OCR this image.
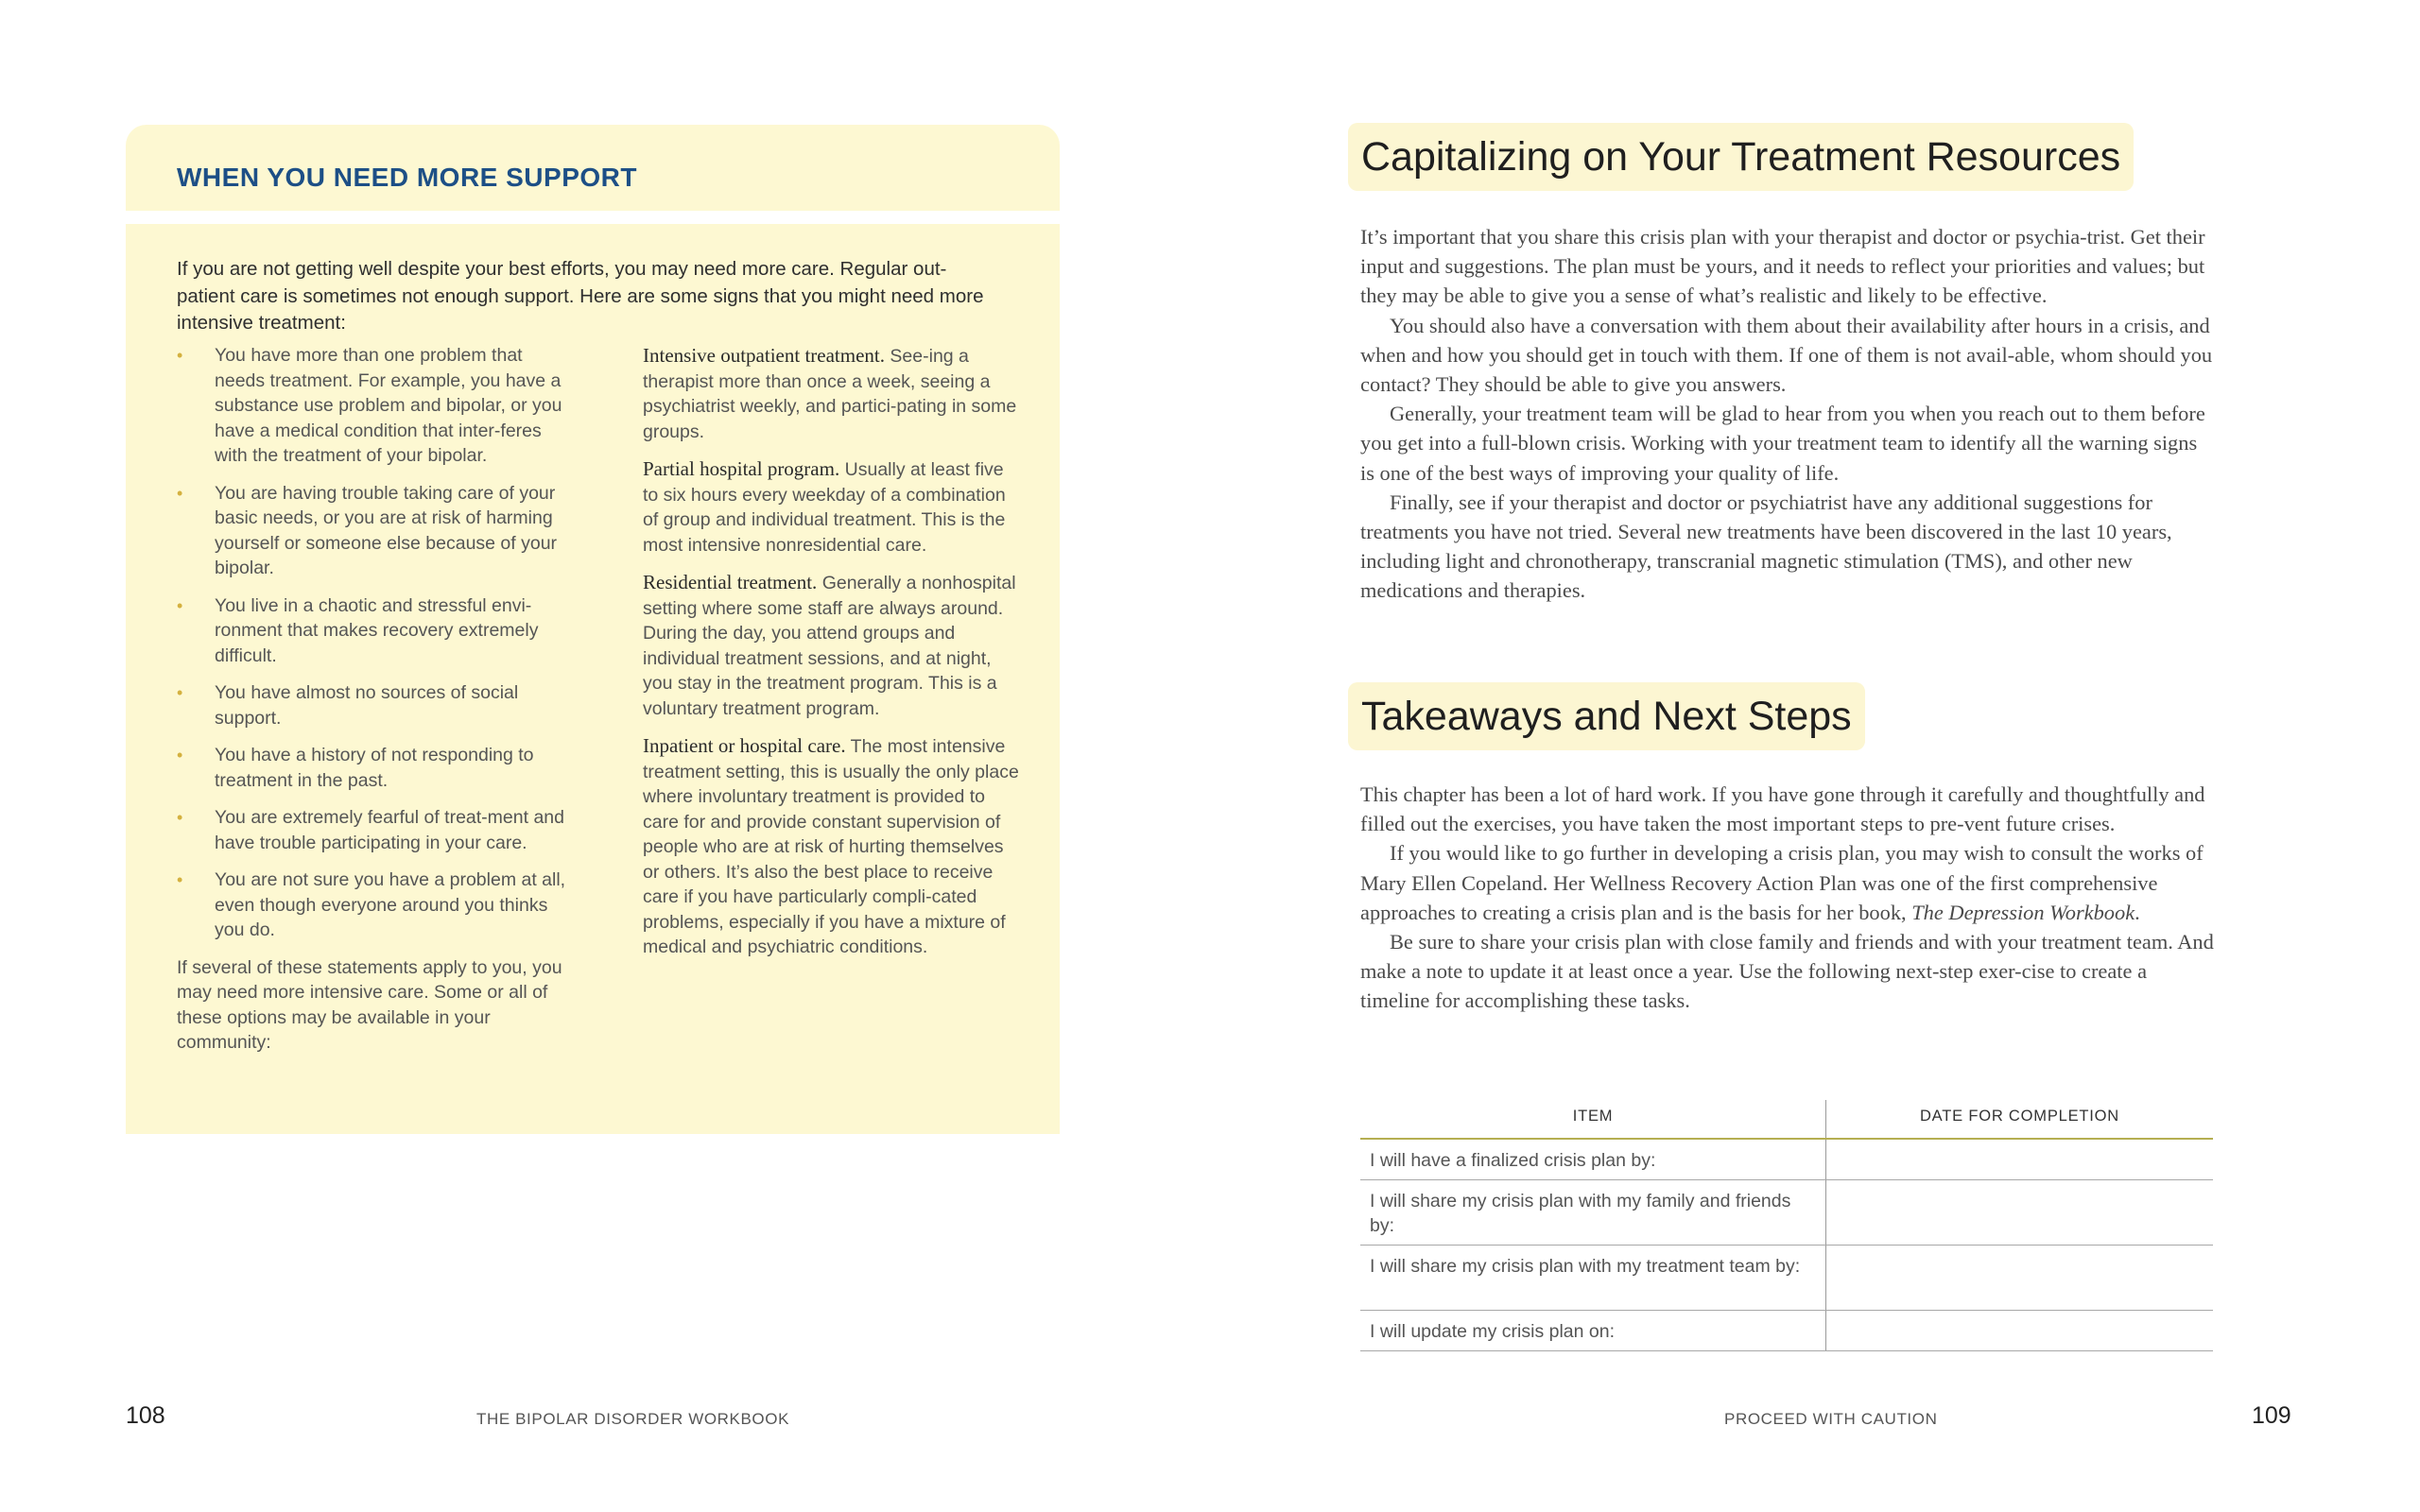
WHEN YOU NEED MORE SUPPORT
If you are not getting well despite your best efforts, you may need more care. Regular out-patient care is sometimes not enough support. Here are some signs that you might need more intensive treatment:
• You have more than one problem that needs treatment. For example, you have a substance use problem and bipolar, or you have a medical condition that inter-feres with the treatment of your bipolar.
• You are having trouble taking care of your basic needs, or you are at risk of harming yourself or someone else because of your bipolar.
• You live in a chaotic and stressful envi-ronment that makes recovery extremely difficult.
• You have almost no sources of social support.
• You have a history of not responding to treatment in the past.
• You are extremely fearful of treat-ment and have trouble participating in your care.
• You are not sure you have a problem at all, even though everyone around you thinks you do.
If several of these statements apply to you, you may need more intensive care. Some or all of these options may be available in your community:
Intensive outpatient treatment. See-ing a therapist more than once a week, seeing a psychiatrist weekly, and partici-pating in some groups.
Partial hospital program. Usually at least five to six hours every weekday of a combination of group and individual treatment. This is the most intensive nonresidential care.
Residential treatment. Generally a nonhospital setting where some staff are always around. During the day, you attend groups and individual treatment sessions, and at night, you stay in the treatment program. This is a voluntary treatment program.
Inpatient or hospital care. The most intensive treatment setting, this is usually the only place where involuntary treatment is provided to care for and provide constant supervision of people who are at risk of hurting themselves or others. It’s also the best place to receive care if you have particularly compli-cated problems, especially if you have a mixture of medical and psychiatric conditions.
Capitalizing on Your Treatment Resources

It’s important that you share this crisis plan with your therapist and doctor or psychia-trist. Get their input and suggestions. The plan must be yours, and it needs to reflect your priorities and values; but they may be able to give you a sense of what’s realistic and likely to be effective.

You should also have a conversation with them about their availability after hours in a crisis, and when and how you should get in touch with them. If one of them is not avail-able, whom should you contact? They should be able to give you answers.

Generally, your treatment team will be glad to hear from you when you reach out to them before you get into a full-blown crisis. Working with your treatment team to identify all the warning signs is one of the best ways of improving your quality of life.

Finally, see if your therapist and doctor or psychiatrist have any additional suggestions for treatments you have not tried. Several new treatments have been discovered in the last 10 years, including light and chronotherapy, transcranial magnetic stimulation (TMS), and other new medications and therapies.

Takeaways and Next Steps

This chapter has been a lot of hard work. If you have gone through it carefully and thoughtfully and filled out the exercises, you have taken the most important steps to pre-vent future crises.

If you would like to go further in developing a crisis plan, you may wish to consult the works of Mary Ellen Copeland. Her Wellness Recovery Action Plan was one of the first comprehensive approaches to creating a crisis plan and is the basis for her book, The Depression Workbook.

Be sure to share your crisis plan with close family and friends and with your treatment team. And make a note to update it at least once a year. Use the following next-step exer-cise to create a timeline for accomplishing these tasks.

ITEM	DATE FOR COMPLETION
I will have a finalized crisis plan by:
I will share my crisis plan with my family and friends by:
I will share my crisis plan with my treatment team by:
I will update my crisis plan on:
108	THE BIPOLAR DISORDER WORKBOOK	PROCEED WITH CAUTION	109
